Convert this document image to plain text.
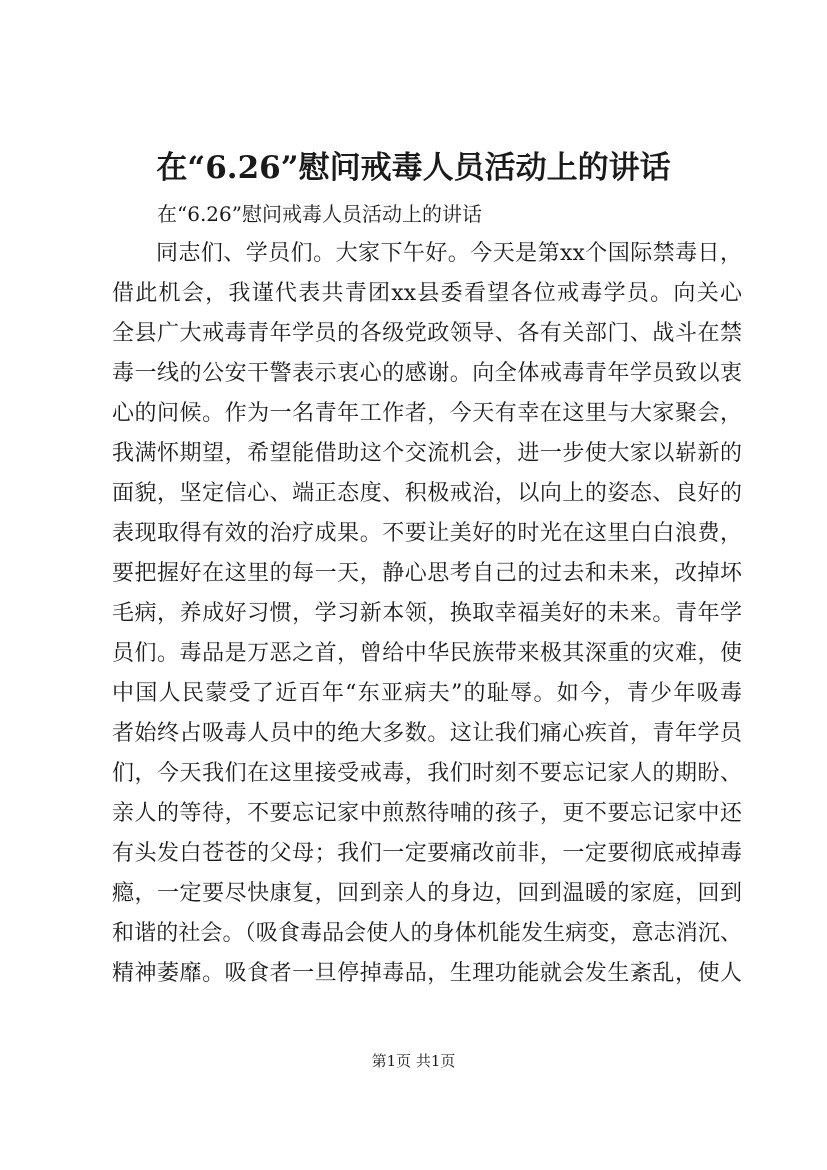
在“6.26”慰问戒毒人员活动上的讲话
在“6.26”慰问戒毒人员活动上的讲话
同志们、学员们。大家下午好。今天是第xx个国际禁毒日，
借此机会，我谨代表共青团xx县委看望各位戒毒学员。向关心
全县广大戒毒青年学员的各级党政领导、各有关部门、战斗在禁
毒一线的公安干警表示衷心的感谢。向全体戒毒青年学员致以衷
心的问候。作为一名青年工作者，今天有幸在这里与大家聚会，
我满怀期望，希望能借助这个交流机会，进一步使大家以崭新的
面貌，坚定信心、端正态度、积极戒治，以向上的姿态、良好的
表现取得有效的治疗成果。不要让美好的时光在这里白白浪费，
要把握好在这里的每一天，静心思考自己的过去和未来，改掉坏
毛病，养成好习惯，学习新本领，换取幸福美好的未来。青年学
员们。毒品是万恶之首，曾给中华民族带来极其深重的灾难，使
中国人民蒙受了近百年“东亚病夫”的耻辱。如今，青少年吸毒
者始终占吸毒人员中的绝大多数。这让我们痛心疾首，青年学员
们，今天我们在这里接受戒毒，我们时刻不要忘记家人的期盼、
亲人的等待，不要忘记家中煎熬待哺的孩子，更不要忘记家中还
有头发白苍苍的父母；我们一定要痛改前非，一定要彻底戒掉毒
瘾，一定要尽快康复，回到亲人的身边，回到温暖的家庭，回到
和谐的社会。（吸食毒品会使人的身体机能发生病变，意志消沉、
精神萎靡。吸食者一旦停掉毒品，生理功能就会发生紊乱，使人
第1页 共1页
